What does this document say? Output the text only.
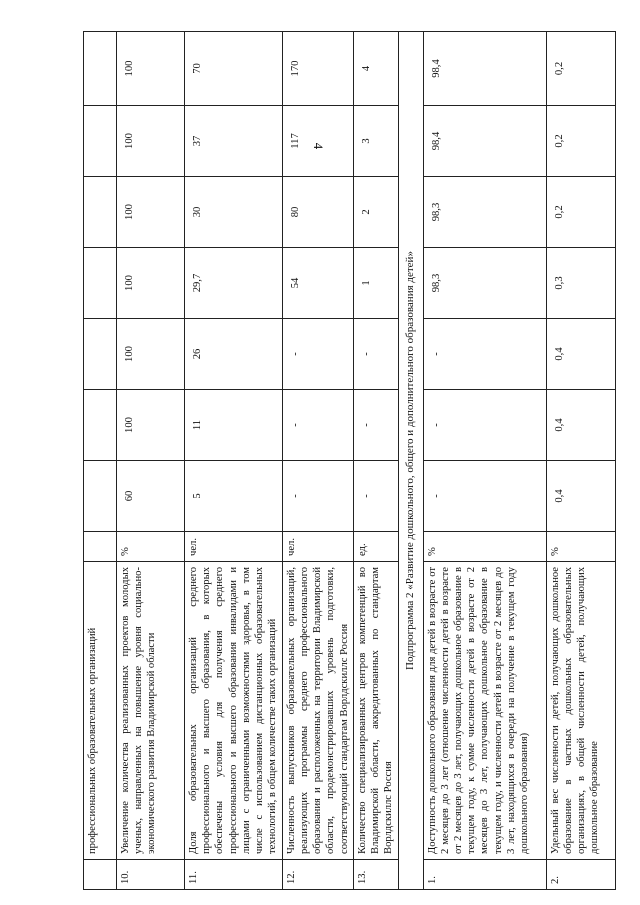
4
	профессиональных образовательных организаций								
10.	Увеличение количества реализованных проектов молодых ученых, направленных на повышение уровня социально-экономического развития Владимирской области	%	60	100	100	100	100	100	100
11.	Доля образовательных организаций среднего профессионального и высшего образования, в которых обеспечены условия для получения среднего профессионального и высшего образования инвалидами и лицами с ограниченными возможностями здоровья, в том числе с использованием дистанционных образовательных технологий, в общем количестве таких организаций	чел.	5	11	26	29,7	30	37	70
12.	Численность выпускников образовательных организаций, реализующих программы среднего профессионального образования и расположенных на территории Владимирской области, продемонстрировавших уровень подготовки, соответствующий стандартам Ворлдскиллс Россия	чел.	-	-	-	54	80	117	170
13.	Количество специализированных центров компетенций во Владимирской области, аккредитованных по стандартам Ворлдскиллс Россия	ед.	-	-	-	1	2	3	4
Подпрограмма 2 «Развитие дошкольного, общего и дополнительного образования детей»									
1.	Доступность дошкольного образования для детей в возрасте от 2 месяцев до 3 лет (отношение численности детей в возрасте от 2 месяцев до 3 лет, получающих дошкольное образование в текущем году, к сумме численности детей в возрасте от 2 месяцев до 3 лет, получающих дошкольное образование в текущем году, и численности детей в возрасте от 2 месяцев до 3 лет, находящихся в очереди на получение в текущем году дошкольного образования)	%	-	-	-	98,3	98,3	98,4	98,4
2.	Удельный вес численности детей, получающих дошкольное образование в частных дошкольных образовательных организациях, в общей численности детей, получающих дошкольное образование	%	0,4	0,4	0,4	0,3	0,2	0,2	0,2
